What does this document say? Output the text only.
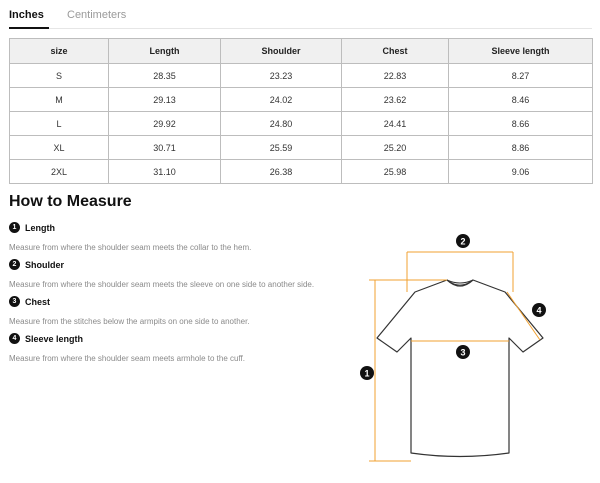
Inches Centimeters
size	Length	Shoulder	Chest	Sleeve length
S	28.35	23.23	22.83	8.27
M	29.13	24.02	23.62	8.46
L	29.92	24.80	24.41	8.66
XL	30.71	25.59	25.20	8.86
2XL	31.10	26.38	25.98	9.06
How to Measure
1 Length
Measure from where the shoulder seam meets the collar to the hem.
2 Shoulder
Measure from where the shoulder seam meets the sleeve on one side to another side.
3 Chest
Measure from the stitches below the armpits on one side to another.
4 Sleeve length
Measure from where the shoulder seam meets armhole to the cuff.
1
2
3
4
